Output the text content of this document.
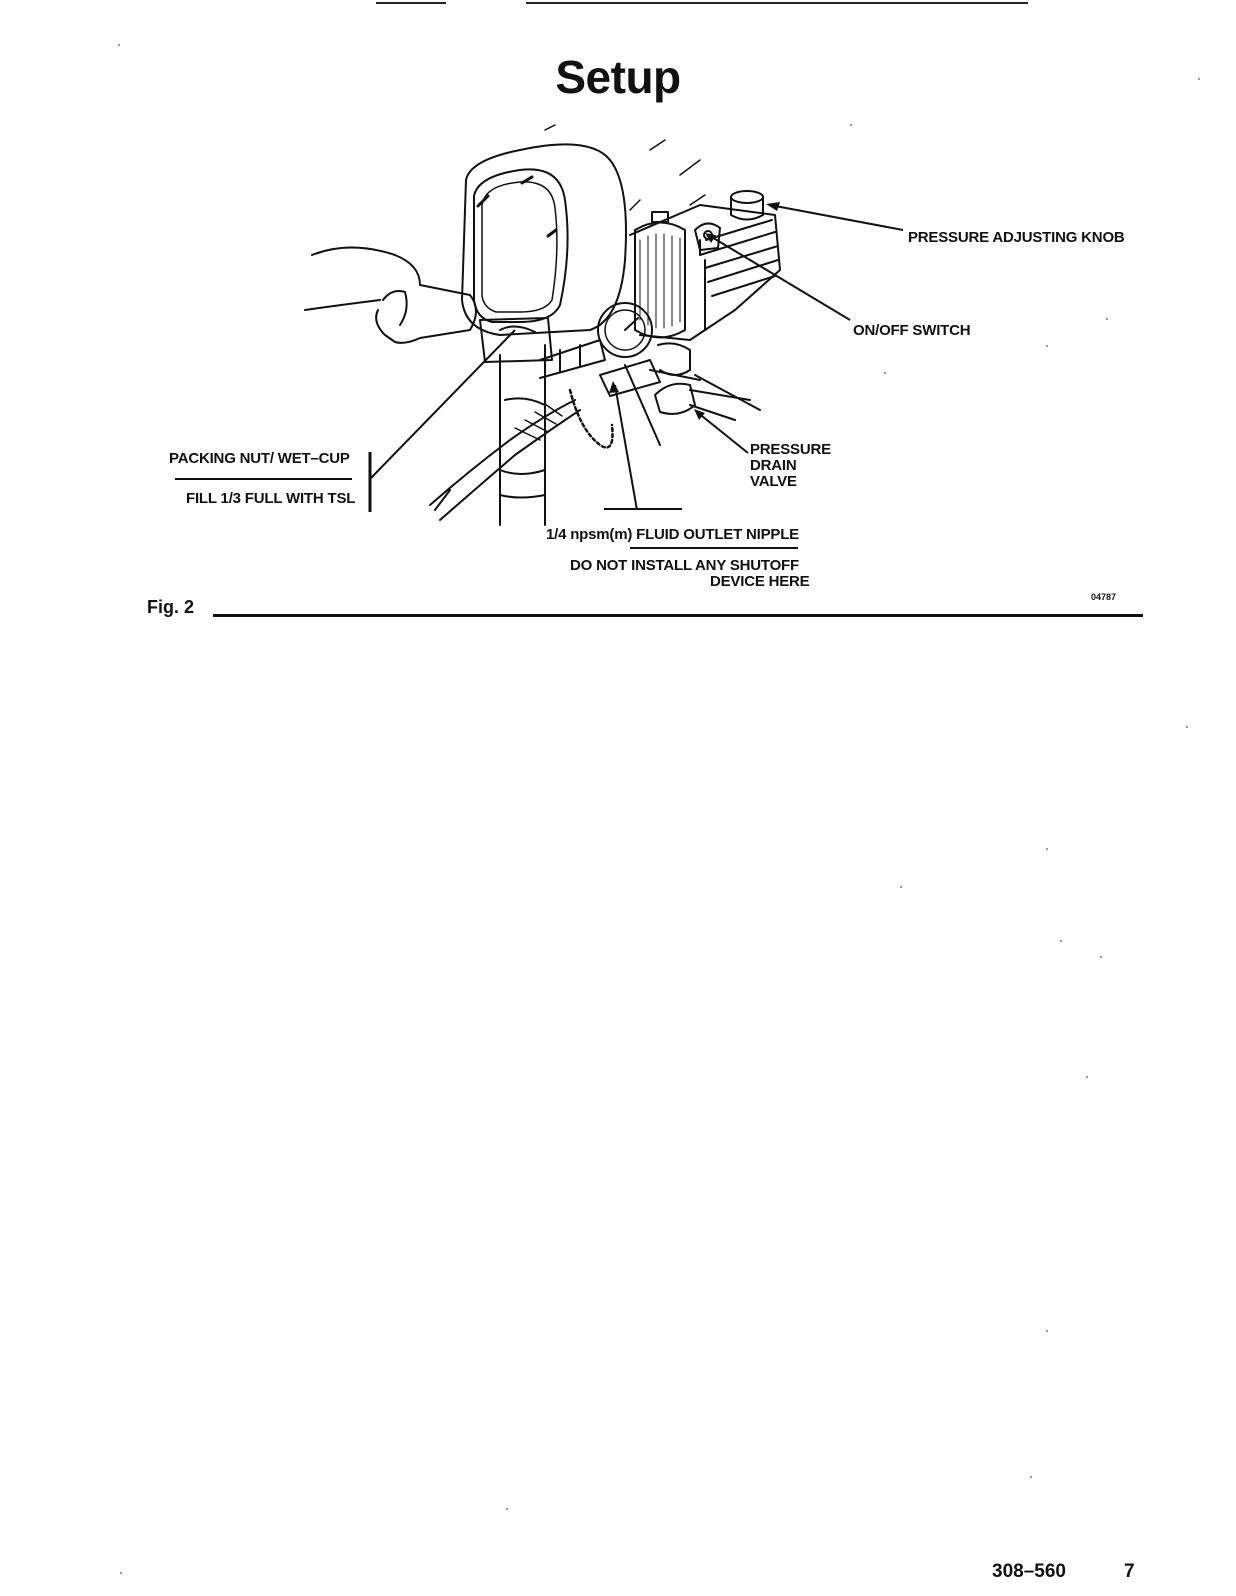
Setup
PRESSURE ADJUSTING KNOB
ON/OFF SWITCH
PACKING NUT/ WET–CUP
FILL 1/3 FULL WITH TSL
PRESSURE
DRAIN
VALVE
1/4 npsm(m) FLUID OUTLET NIPPLE
DO NOT INSTALL ANY SHUTOFF
DEVICE HERE
Fig. 2	04787
308–560	7
